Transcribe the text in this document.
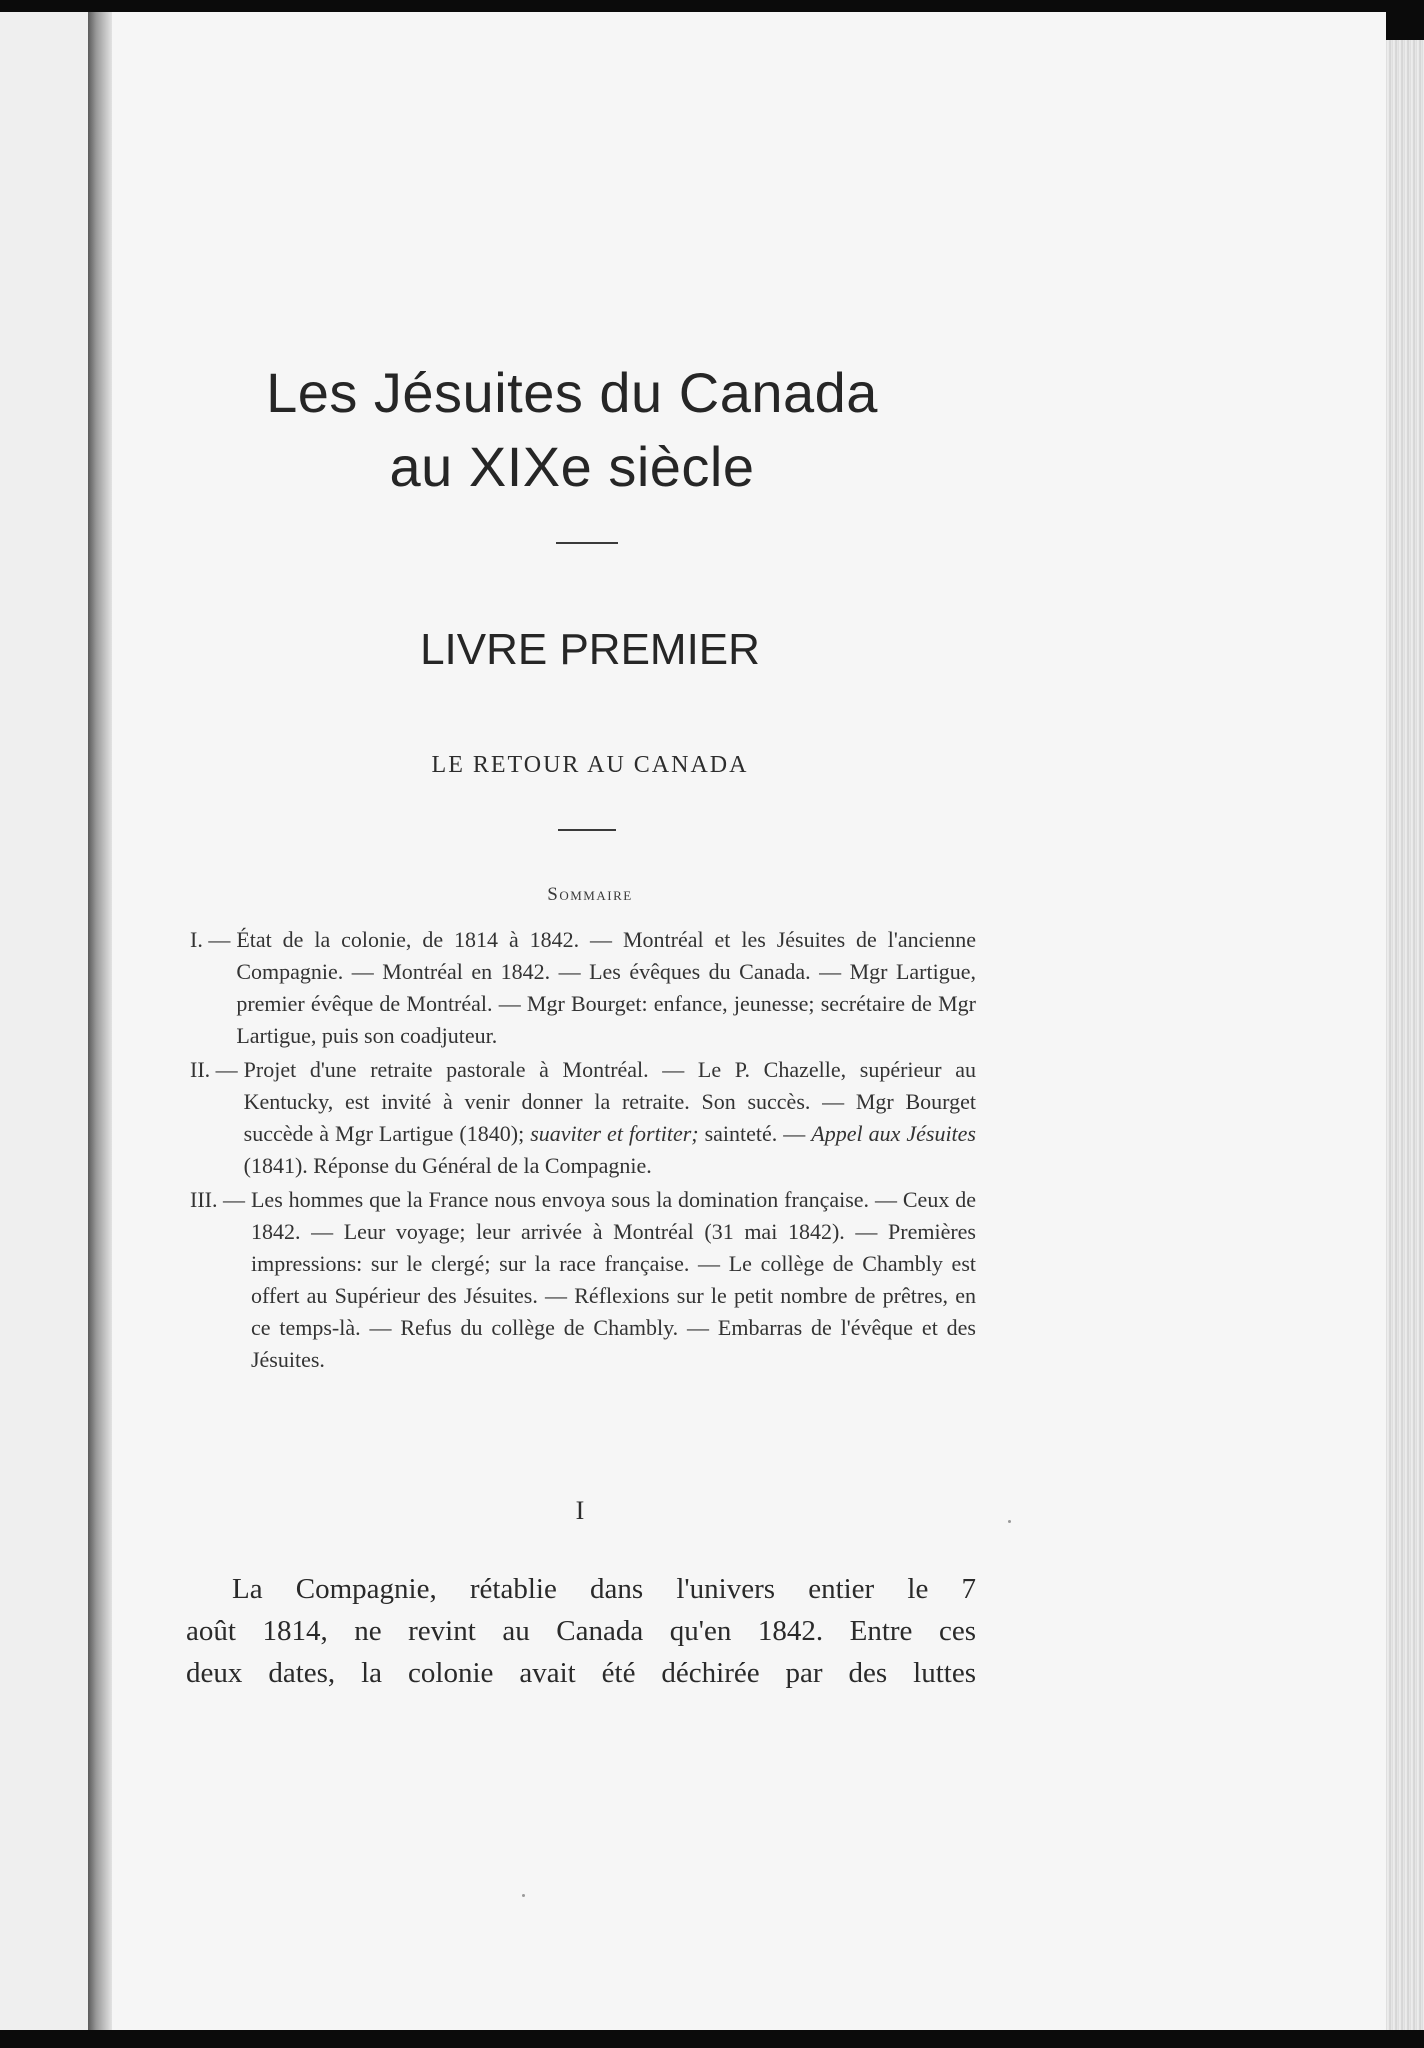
Les Jésuites du Canada
au XIXe siècle
LIVRE PREMIER
LE RETOUR AU CANADA
Sommaire
I. — État de la colonie, de 1814 à 1842. — Montréal et les Jésuites de l'ancienne Compagnie. — Montréal en 1842. — Les évêques du Canada. — Mgr Lartigue, premier évêque de Montréal. — Mgr Bourget: enfance, jeunesse; secrétaire de Mgr Lartigue, puis son coadjuteur.
II. — Projet d'une retraite pastorale à Montréal. — Le P. Chazelle, supérieur au Kentucky, est invité à venir donner la retraite. Son succès. — Mgr Bourget succède à Mgr Lartigue (1840); suaviter et fortiter; sainteté. — Appel aux Jésuites (1841). Réponse du Général de la Compagnie.
III. — Les hommes que la France nous envoya sous la domination française. — Ceux de 1842. — Leur voyage; leur arrivée à Montréal (31 mai 1842). — Premières impressions: sur le clergé; sur la race française. — Le collège de Chambly est offert au Supérieur des Jésuites. — Réflexions sur le petit nombre de prêtres, en ce temps-là. — Refus du collège de Chambly. — Embarras de l'évêque et des Jésuites.
I
La Compagnie, rétablie dans l'univers entier le 7
août 1814, ne revint au Canada qu'en 1842. Entre ces
deux dates, la colonie avait été déchirée par des luttes
